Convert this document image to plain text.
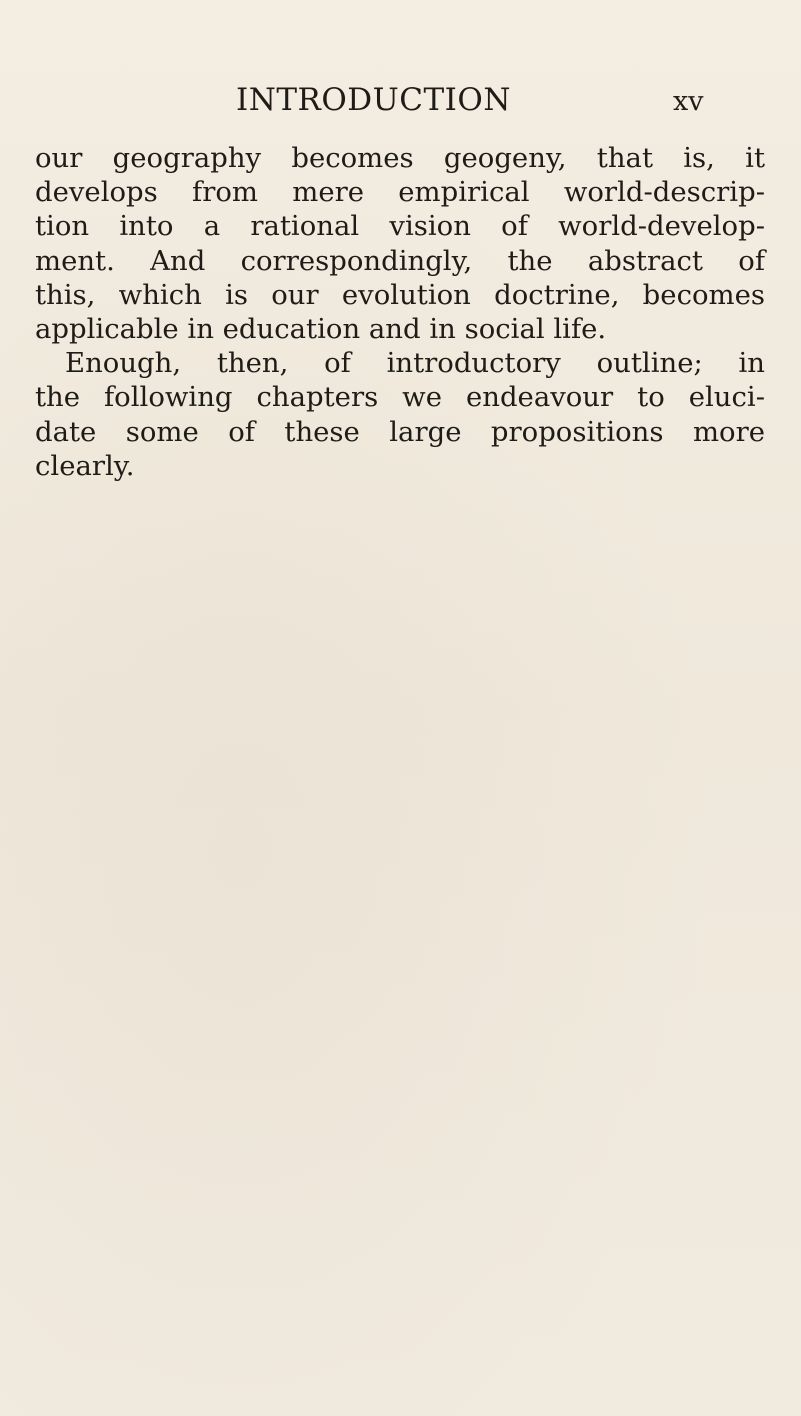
INTRODUCTION	xv
our geography becomes geogeny, that is, it
develops from mere empirical world-descrip-
tion into a rational vision of world-develop-
ment. And correspondingly, the abstract of
this, which is our evolution doctrine, becomes
applicable in education and in social life.
Enough, then, of introductory outline; in
the following chapters we endeavour to eluci-
date some of these large propositions more
clearly.
